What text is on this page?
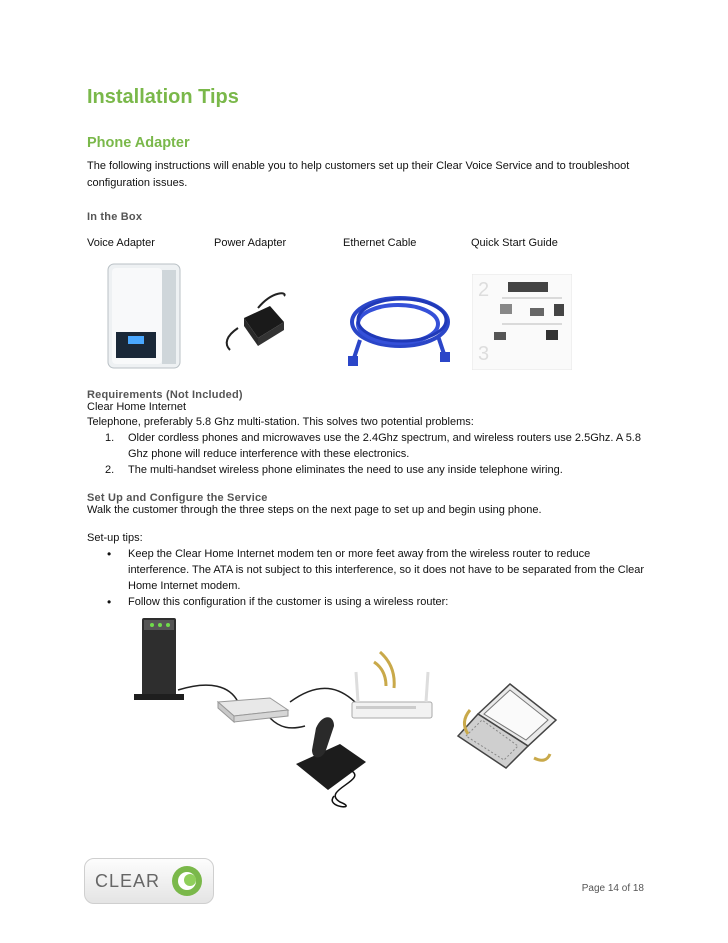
Installation Tips
Phone Adapter
The following instructions will enable you to help customers set up their Clear Voice Service and to troubleshoot configuration issues.
In the Box
Voice Adapter	Power Adapter	Ethernet Cable	Quick Start Guide
2
3
Requirements (Not Included)
Clear Home Internet
Telephone, preferably 5.8 Ghz multi-station. This solves two potential problems:
1. Older cordless phones and microwaves use the 2.4Ghz spectrum, and wireless routers use 2.5Ghz. A 5.8 Ghz phone will reduce interference with these electronics.
2. The multi-handset wireless phone eliminates the need to use any inside telephone wiring.
Set Up and Configure the Service
Walk the customer through the three steps on the next page to set up and begin using phone.
Set-up tips:
• Keep the Clear Home Internet modem ten or more feet away from the wireless router to reduce interference. The ATA is not subject to this interference, so it does not have to be separated from the Clear Home Internet modem.
• Follow this configuration if the customer is using a wireless router:
CLEAR	Page 14 of 18
